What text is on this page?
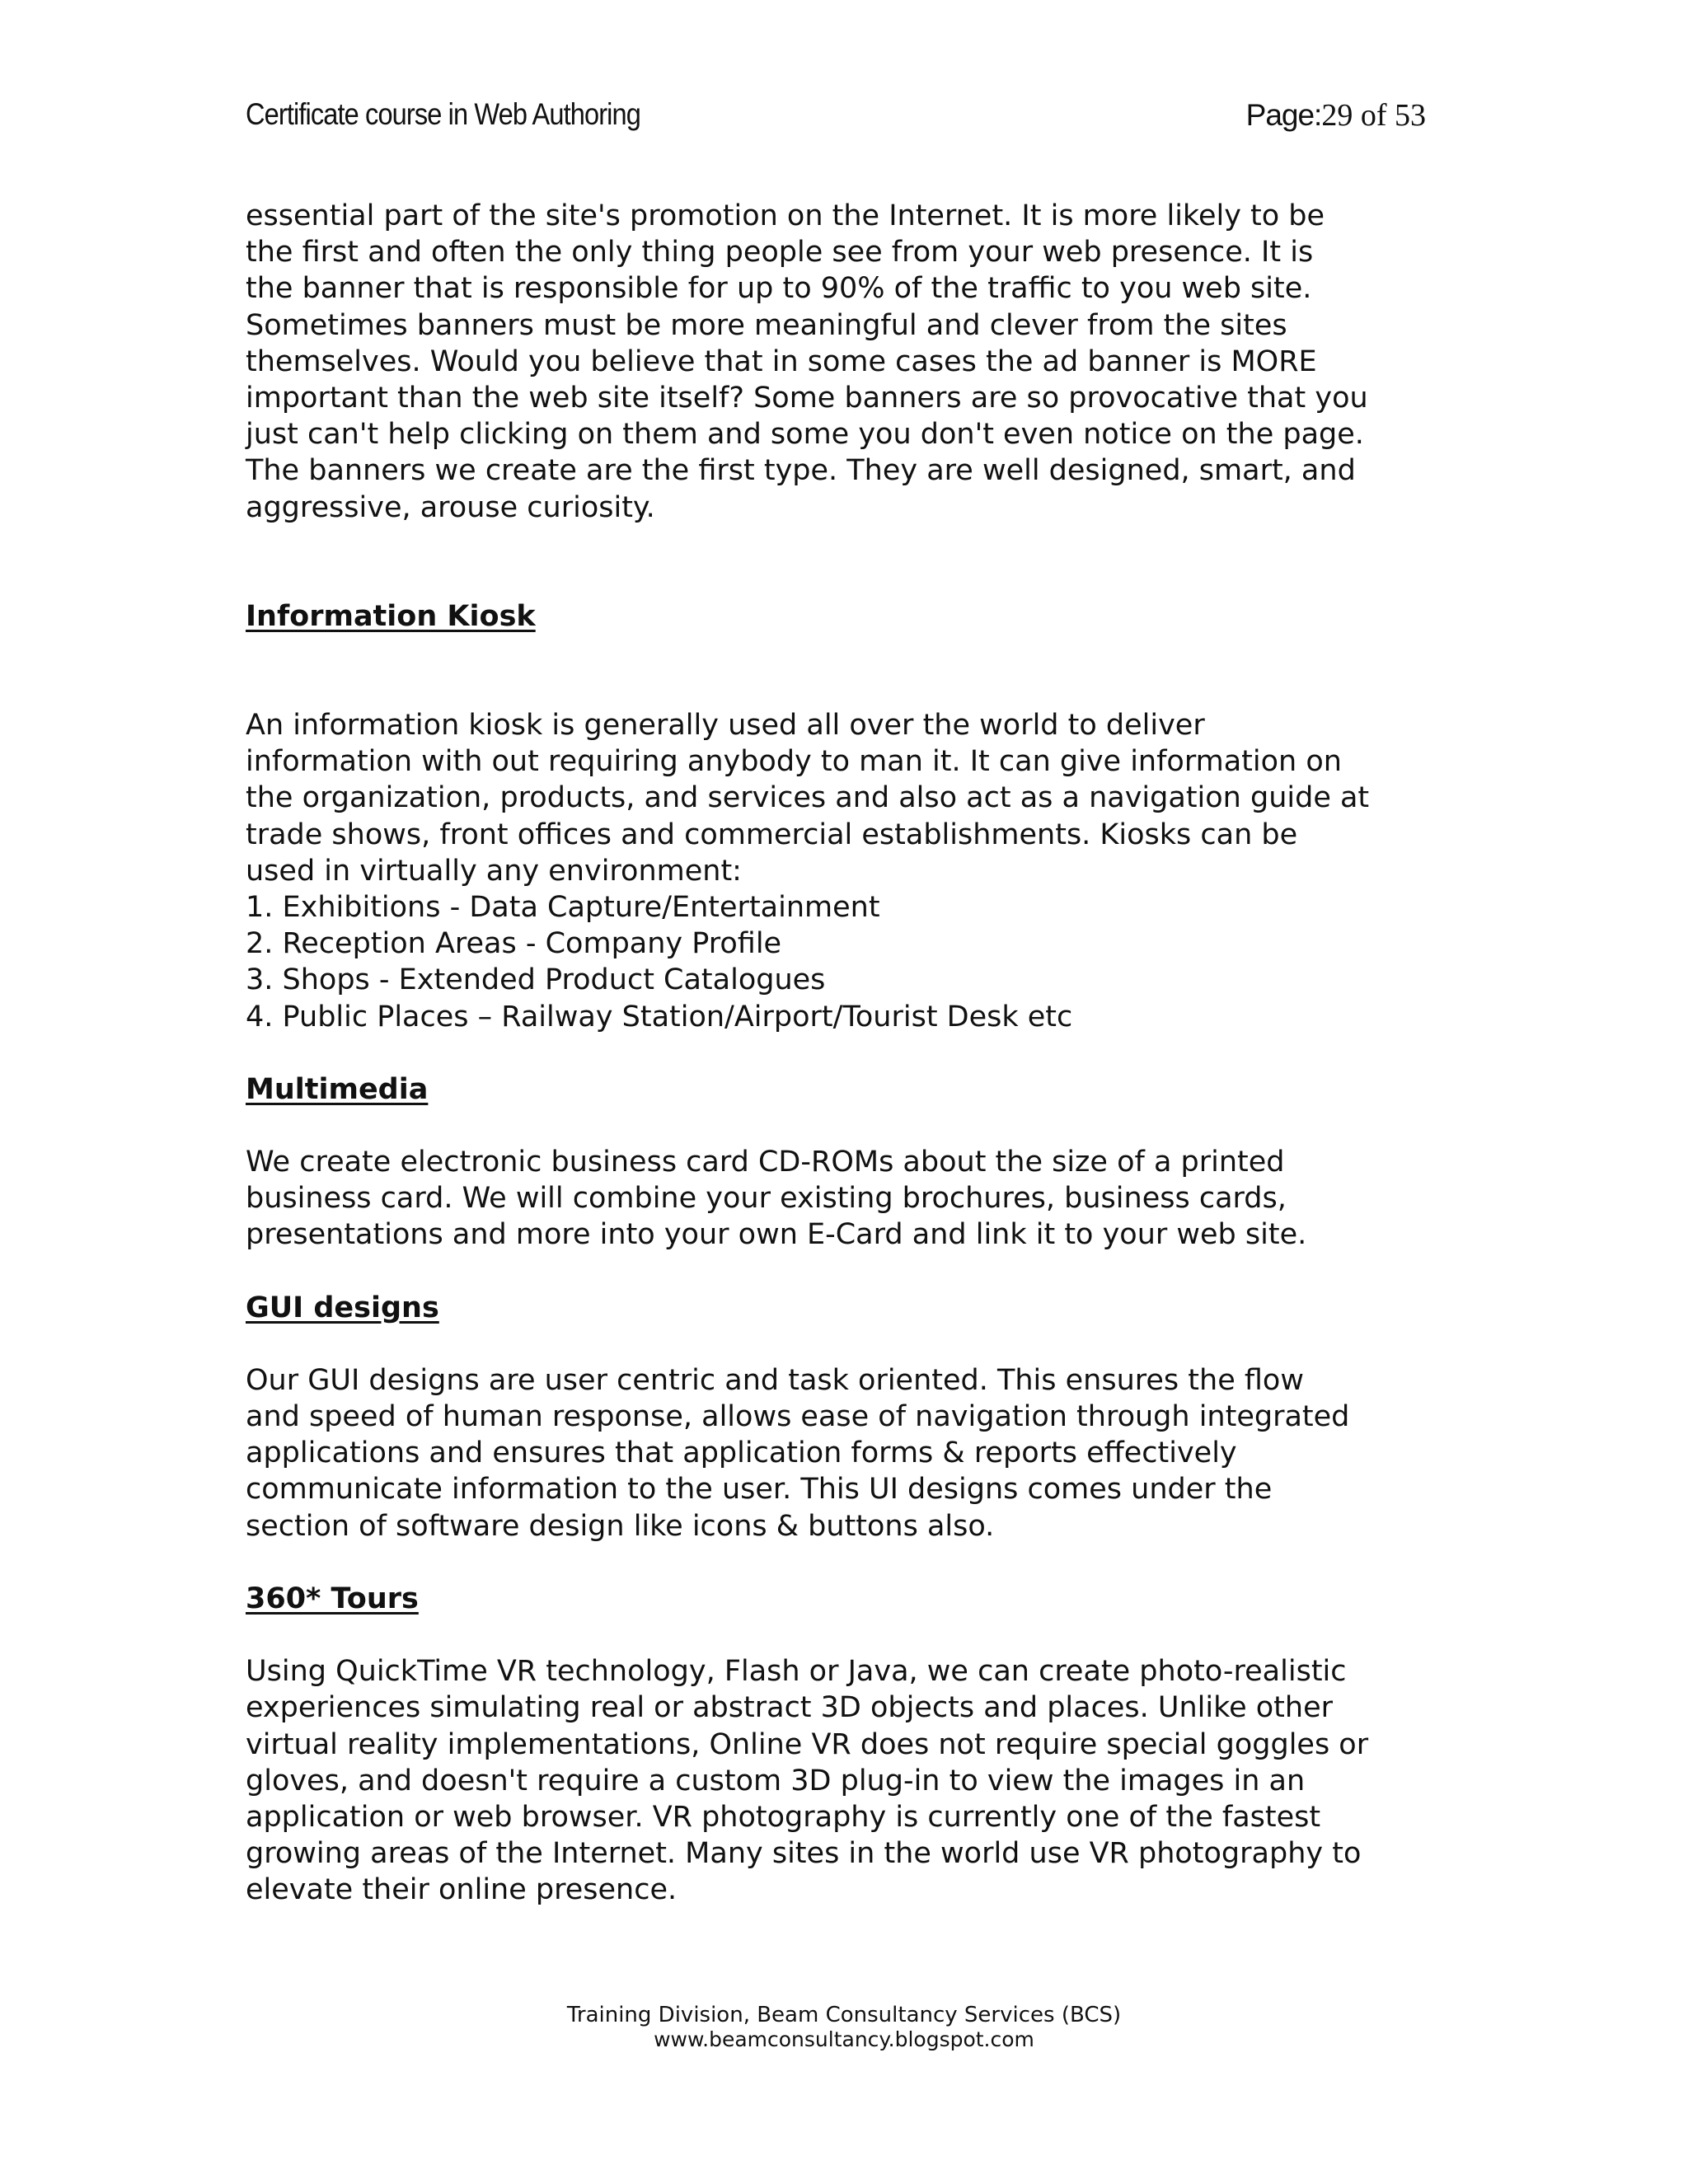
Certificate course in Web Authoring	Page:29 of 53

essential part of the site's promotion on the Internet. It is more likely to be
the first and often the only thing people see from your web presence. It is
the banner that is responsible for up to 90% of the traffic to you web site.
Sometimes banners must be more meaningful and clever from the sites
themselves. Would you believe that in some cases the ad banner is MORE
important than the web site itself? Some banners are so provocative that you
just can't help clicking on them and some you don't even notice on the page.
The banners we create are the first type. They are well designed, smart, and
aggressive, arouse curiosity.

Information Kiosk

An information kiosk is generally used all over the world to deliver
information with out requiring anybody to man it. It can give information on
the organization, products, and services and also act as a navigation guide at
trade shows, front offices and commercial establishments. Kiosks can be
used in virtually any environment:

1. Exhibitions - Data Capture/Entertainment
2. Reception Areas - Company Profile
3. Shops - Extended Product Catalogues
4. Public Places – Railway Station/Airport/Tourist Desk etc
Multimedia

We create electronic business card CD-ROMs about the size of a printed
business card. We will combine your existing brochures, business cards,
presentations and more into your own E-Card and link it to your web site.

GUI designs

Our GUI designs are user centric and task oriented. This ensures the flow
and speed of human response, allows ease of navigation through integrated
applications and ensures that application forms & reports effectively
communicate information to the user. This UI designs comes under the
section of software design like icons & buttons also.

360* Tours

Using QuickTime VR technology, Flash or Java, we can create photo-realistic
experiences simulating real or abstract 3D objects and places. Unlike other
virtual reality implementations, Online VR does not require special goggles or
gloves, and doesn't require a custom 3D plug-in to view the images in an
application or web browser. VR photography is currently one of the fastest
growing areas of the Internet. Many sites in the world use VR photography to
elevate their online presence.

Training Division, Beam Consultancy Services (BCS)
www.beamconsultancy.blogspot.com
